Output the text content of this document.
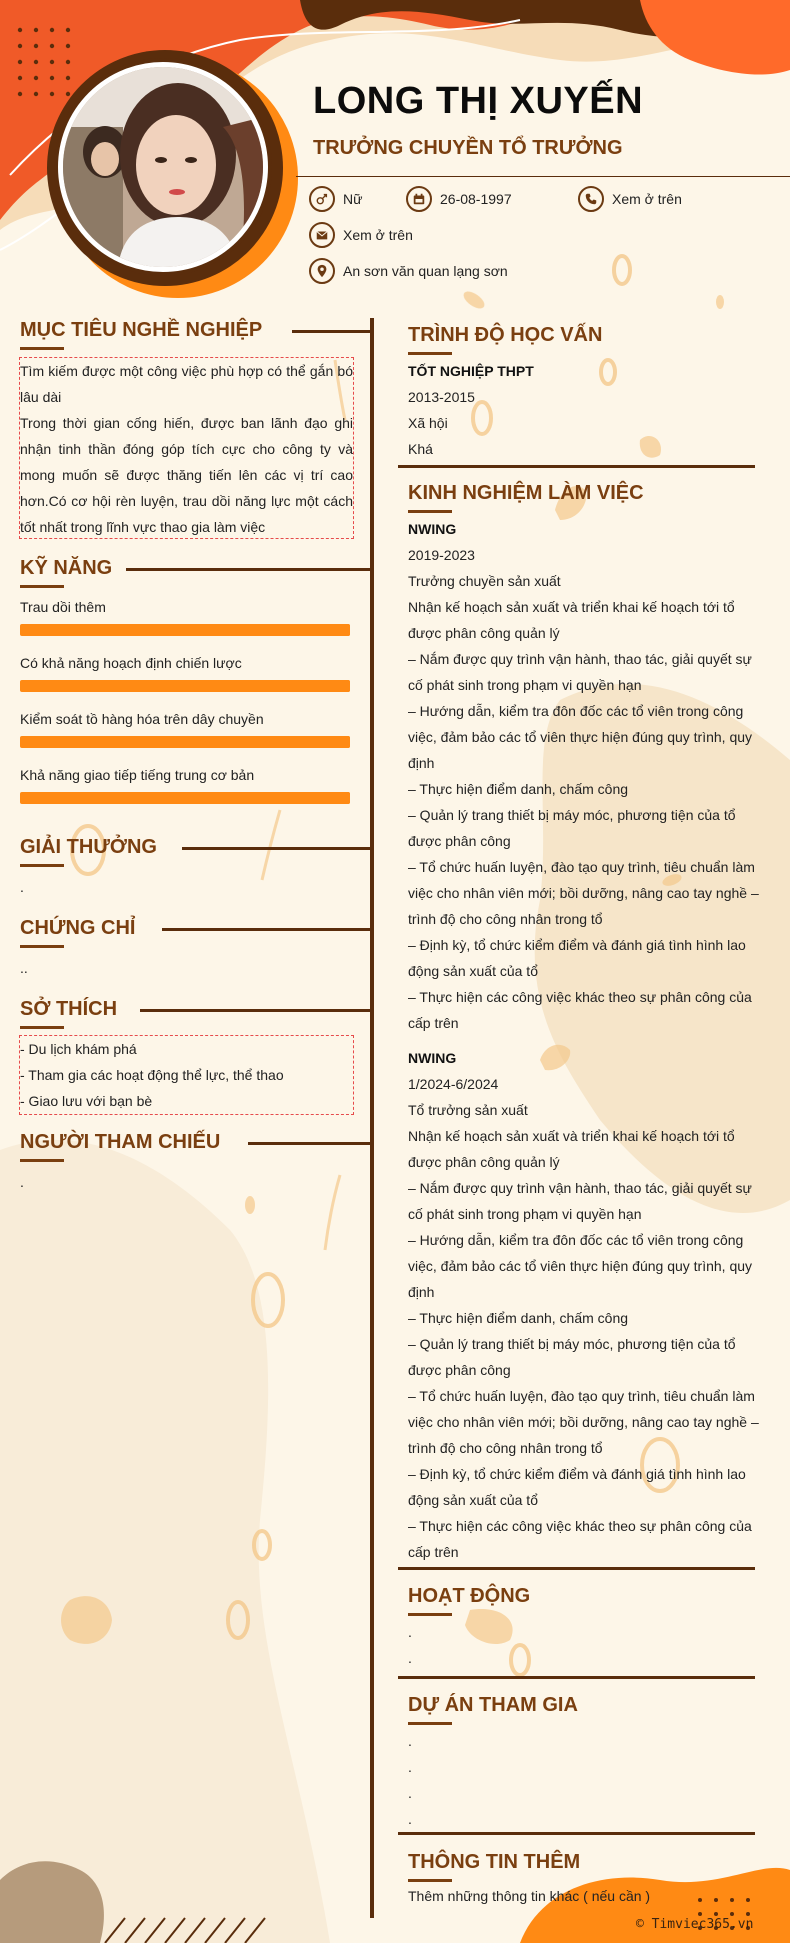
LONG THỊ XUYẾN
TRƯỞNG CHUYỀN TỔ TRƯỞNG
Nữ	26-08-1997	Xem ở trên
Xem ở trên
An sơn văn quan lạng sơn
MỤC TIÊU NGHỀ NGHIỆP
Tìm kiếm được một công việc phù hợp có thể gắn bó lâu dài
Trong thời gian cống hiến, được ban lãnh đạo ghi nhận tinh thần đóng góp tích cực cho công ty và mong muốn sẽ được thăng tiến lên các vị trí cao hơn.Có cơ hội rèn luyện, trau dồi năng lực một cách tốt nhất trong lĩnh vực thao gia làm việc
KỸ NĂNG
Trau dồi thêm
Có khả năng hoạch định chiến lược
Kiểm soát tồ hàng hóa trên dây chuyền
Khả năng giao tiếp tiếng trung cơ bản
GIẢI THƯỞNG
.
CHỨNG CHỈ
..
SỞ THÍCH
- Du lịch khám phá
- Tham gia các hoạt động thể lực, thể thao
- Giao lưu với bạn bè
NGƯỜI THAM CHIẾU
.
TRÌNH ĐỘ HỌC VẤN
TỐT NGHIỆP THPT
2013-2015
Xã hội
Khá
KINH NGHIỆM LÀM VIỆC
NWING
2019-2023
Trưởng chuyền sản xuất
Nhận kế hoạch sản xuất và triển khai kế hoạch tới tổ
được phân công quản lý
– Nắm được quy trình vận hành, thao tác, giải quyết sự
cố phát sinh trong phạm vi quyền hạn
– Hướng dẫn, kiểm tra đôn đốc các tổ viên trong công
việc, đảm bảo các tổ viên thực hiện đúng quy trình, quy
định
– Thực hiện điểm danh, chấm công
– Quản lý trang thiết bị máy móc, phương tiện của tổ
được phân công
– Tổ chức huấn luyện, đào tạo quy trình, tiêu chuẩn làm
việc cho nhân viên mới; bồi dưỡng, nâng cao tay nghề –
trình độ cho công nhân trong tổ
– Định kỳ, tổ chức kiểm điểm và đánh giá tình hình lao
động sản xuất của tổ
– Thực hiện các công việc khác theo sự phân công của
cấp trên
NWING
1/2024-6/2024
Tổ trưởng sản xuất
Nhận kế hoạch sản xuất và triển khai kế hoạch tới tổ
được phân công quản lý
– Nắm được quy trình vận hành, thao tác, giải quyết sự
cố phát sinh trong phạm vi quyền hạn
– Hướng dẫn, kiểm tra đôn đốc các tổ viên trong công
việc, đảm bảo các tổ viên thực hiện đúng quy trình, quy
định
– Thực hiện điểm danh, chấm công
– Quản lý trang thiết bị máy móc, phương tiện của tổ
được phân công
– Tổ chức huấn luyện, đào tạo quy trình, tiêu chuẩn làm
việc cho nhân viên mới; bồi dưỡng, nâng cao tay nghề –
trình độ cho công nhân trong tổ
– Định kỳ, tổ chức kiểm điểm và đánh giá tình hình lao
động sản xuất của tổ
– Thực hiện các công việc khác theo sự phân công của
cấp trên
HOẠT ĐỘNG
.
.
DỰ ÁN THAM GIA
.
.
.
.
THÔNG TIN THÊM
Thêm những thông tin khác ( nếu cần )
© Timviec365.vn
